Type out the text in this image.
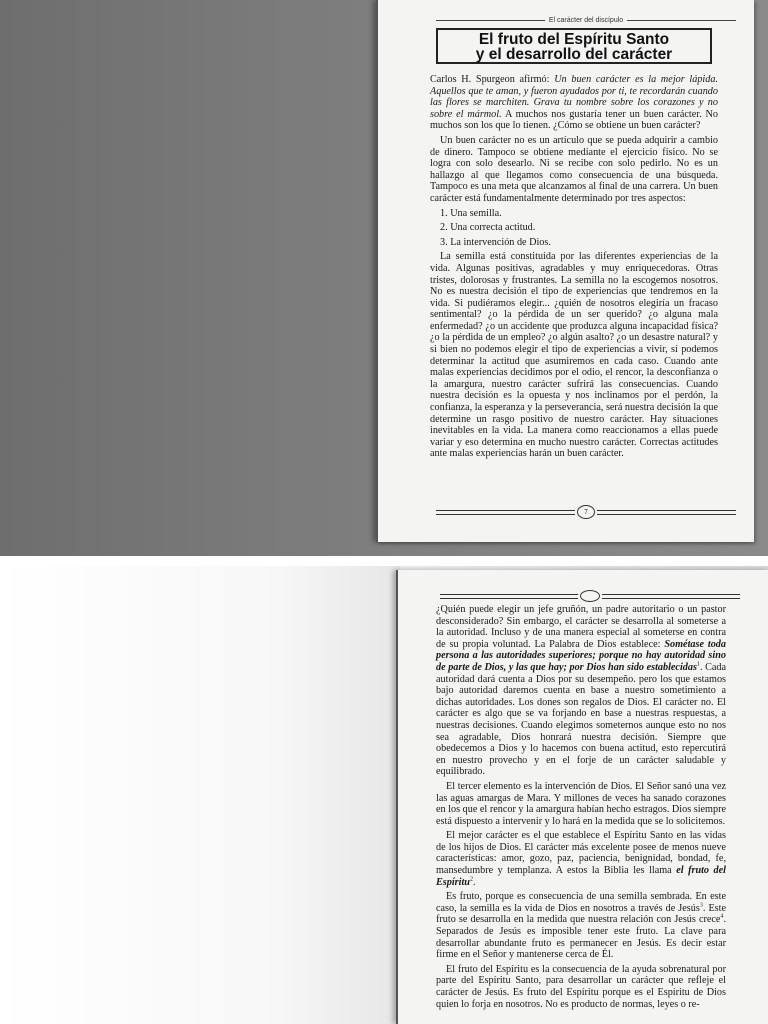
El carácter del discípulo
El fruto del Espíritu Santo
y el desarrollo del carácter

Carlos H. Spurgeon afirmó: Un buen carácter es la mejor lápida. Aquellos que te aman, y fueron ayudados por ti, te recordarán cuando las flores se marchiten. Grava tu nombre sobre los corazones y no sobre el mármol. A muchos nos gustaría tener un buen carácter. No muchos son los que lo tienen. ¿Cómo se obtiene un buen carácter?

Un buen carácter no es un artículo que se pueda adquirir a cambio de dinero. Tampoco se obtiene mediante el ejercicio físico. No se logra con solo desearlo. Ni se recibe con solo pedirlo. No es un hallazgo al que llegamos como consecuencia de una búsqueda. Tampoco es una meta que alcanzamos al final de una carrera. Un buen carácter está fundamentalmente determinado por tres aspectos:

1. Una semilla.
2. Una correcta actitud.
3. La intervención de Dios.

La semilla está constituida por las diferentes experiencias de la vida. Algunas positivas, agradables y muy enriquecedoras. Otras tristes, dolorosas y frustrantes. La semilla no la escogemos nosotros. No es nuestra decisión el tipo de experiencias que tendremos en la vida. Si pudiéramos elegir... ¿quién de nosotros elegiría un fracaso sentimental? ¿o la pérdida de un ser querido? ¿o alguna mala enfermedad? ¿o un accidente que produzca alguna incapacidad física? ¿o la pérdida de un empleo? ¿o algún asalto? ¿o un desastre natural? y si bien no podemos elegir el tipo de experiencias a vivir, sí podemos determinar la actitud que asumiremos en cada caso. Cuando ante malas experiencias decidimos por el odio, el rencor, la desconfianza o la amargura, nuestro carácter sufrirá las consecuencias. Cuando nuestra decisión es la opuesta y nos inclinamos por el perdón, la confianza, la esperanza y la perseverancia, será nuestra decisión la que determine un rasgo positivo de nuestro carácter. Hay situaciones inevitables en la vida. La manera como reaccionamos a ellas puede variar y eso determina en mucho nuestro carácter. Correctas actitudes ante malas experiencias harán un buen carácter.

7

¿Quién puede elegir un jefe gruñón, un padre autoritario o un pastor desconsiderado? Sin embargo, el carácter se desarrolla al someterse a la autoridad. Incluso y de una manera especial al someterse en contra de su propia voluntad. La Palabra de Dios establece: Sométase toda persona a las autoridades superiores; porque no hay autoridad sino de parte de Dios, y las que hay; por Dios han sido establecidas$^1$. Cada autoridad dará cuenta a Dios por su desempeño. pero los que estamos bajo autoridad daremos cuenta en base a nuestro sometimiento a dichas autoridades. Los dones son regalos de Dios. El carácter no. El carácter es algo que se va forjando en base a nuestras respuestas, a nuestras decisiones. Cuando elegimos someternos aunque esto no nos sea agradable, Dios honrará nuestra decisión. Siempre que obedecemos a Dios y lo hacemos con buena actitud, esto repercutirá en nuestro provecho y en el forje de un carácter saludable y equilibrado.

El tercer elemento es la intervención de Dios. El Señor sanó una vez las aguas amargas de Mara. Y millones de veces ha sanado corazones en los que el rencor y la amargura habían hecho estragos. Dios siempre está dispuesto a intervenir y lo hará en la medida que se lo solicitemos.

El mejor carácter es el que establece el Espíritu Santo en las vidas de los hijos de Dios. El carácter más excelente posee de menos nueve características: amor, gozo, paz, paciencia, benignidad, bondad, fe, mansedumbre y templanza. A estos la Biblia les llama el fruto del Espíritu$^2$.

Es fruto, porque es consecuencia de una semilla sembrada. En este caso, la semilla es la vida de Dios en nosotros a través de Jesús$^3$. Este fruto se desarrolla en la medida que nuestra relación con Jesús crece$^4$. Separados de Jesús es imposible tener este fruto. La clave para desarrollar abundante fruto es permanecer en Jesús. Es decir estar firme en el Señor y mantenerse cerca de Él.

El fruto del Espíritu es la consecuencia de la ayuda sobrenatural por parte del Espíritu Santo, para desarrollar un carácter que refleje el carácter de Jesús. Es fruto del Espíritu porque es el Espíritu de Dios quien lo forja en nosotros. No es producto de normas, leyes o re-
